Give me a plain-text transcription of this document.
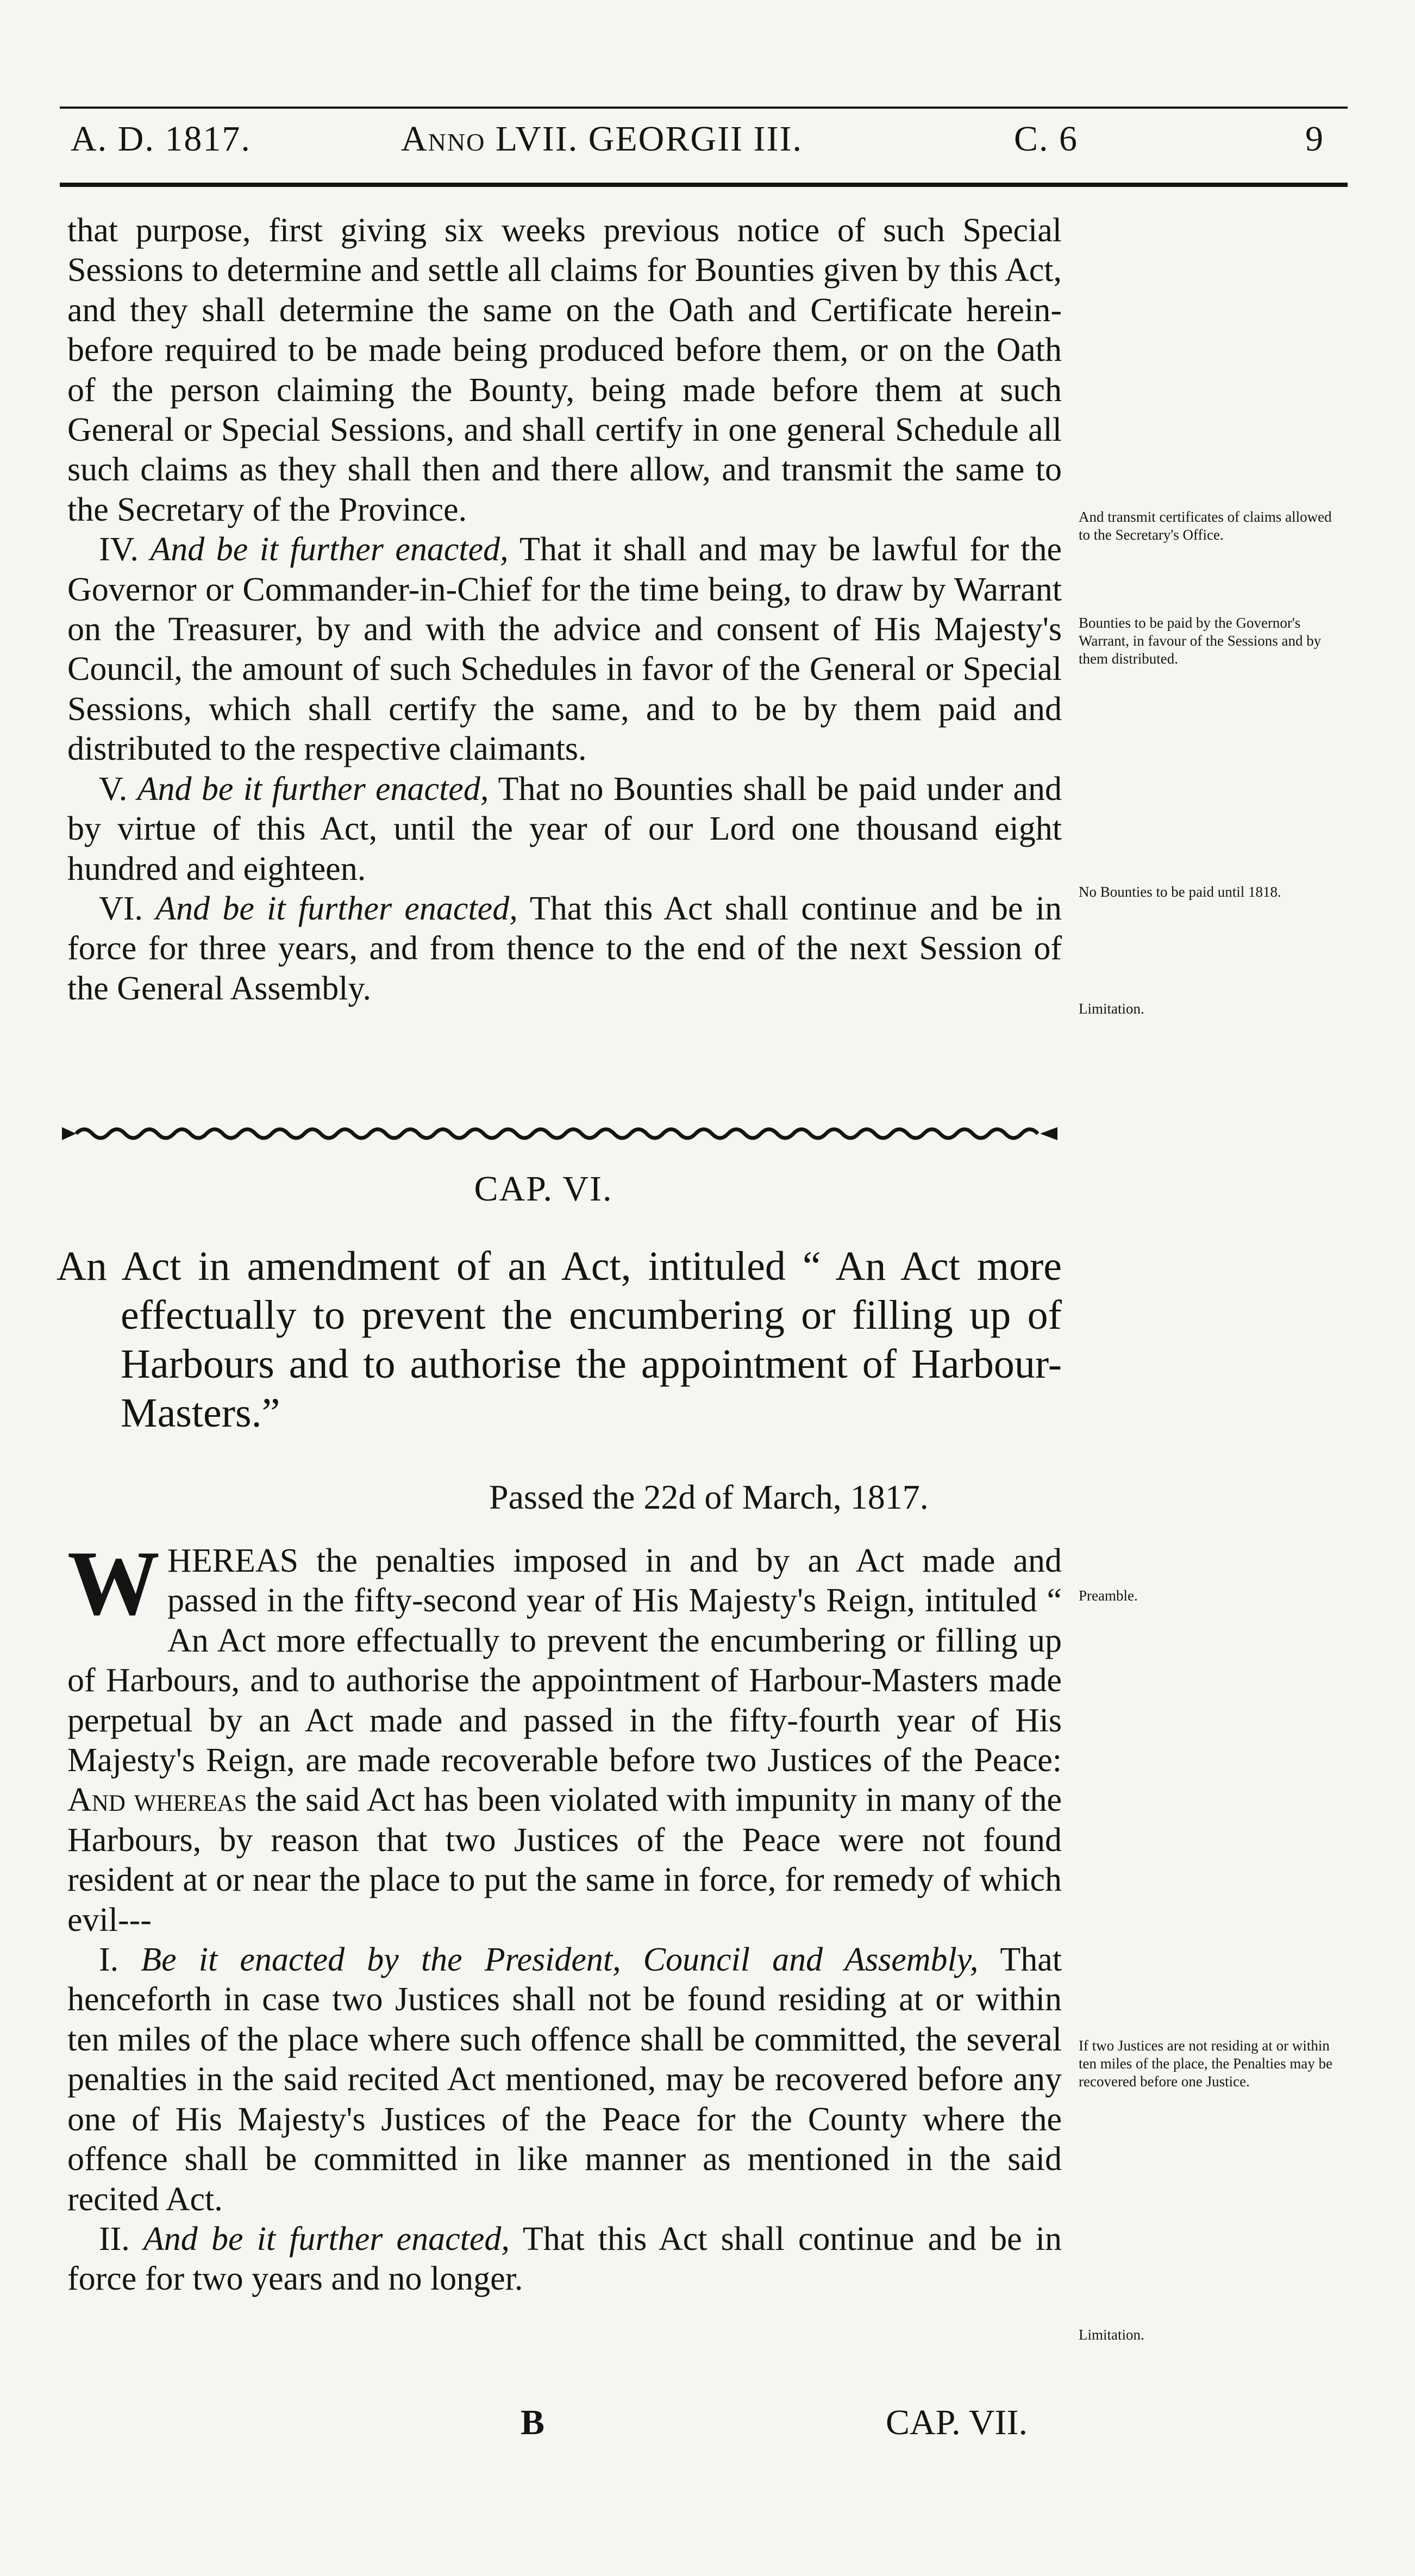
A. D. 1817.	Anno LVII. GEORGII III.	C. 6	9

that purpose, first giving six weeks previous notice of such Special Sessions to determine and settle all claims for Bounties given by this Act, and they shall determine the same on the Oath and Certificate herein-before required to be made being produced before them, or on the Oath of the person claiming the Bounty, being made before them at such General or Special Sessions, and shall certify in one general Schedule all such claims as they shall then and there allow, and transmit the same to the Secretary of the Province.

IV. And be it further enacted, That it shall and may be lawful for the Governor or Commander-in-Chief for the time being, to draw by Warrant on the Treasurer, by and with the advice and consent of His Majesty's Council, the amount of such Schedules in favor of the General or Special Sessions, which shall certify the same, and to be by them paid and distributed to the respective claimants.

V. And be it further enacted, That no Bounties shall be paid under and by virtue of this Act, until the year of our Lord one thousand eight hundred and eighteen.

VI. And be it further enacted, That this Act shall continue and be in force for three years, and from thence to the end of the next Session of the General Assembly.

And transmit certificates of claims allowed to the Secretary's Office.
Bounties to be paid by the Governor's Warrant, in favour of the Sessions and by them distributed.
No Bounties to be paid until 1818.
Limitation.
Preamble.
If two Justices are not residing at or within ten miles of the place, the Penalties may be recovered before one Justice.
Limitation.
CAP. VI.

An Act in amendment of an Act, intituled “ An Act more effectually to prevent the encumbering or filling up of Harbours and to authorise the appointment of Harbour-Masters.”

Passed the 22d of March, 1817.

WHEREAS the penalties imposed in and by an Act made and passed in the fifty-second year of His Majesty's Reign, intituled “ An Act more effectually to prevent the encumbering or filling up of Harbours, and to authorise the appointment of Harbour-Masters made perpetual by an Act made and passed in the fifty-fourth year of His Majesty's Reign, are made recoverable before two Justices of the Peace: And whereas the said Act has been violated with impunity in many of the Harbours, by reason that two Justices of the Peace were not found resident at or near the place to put the same in force, for remedy of which evil---

I. Be it enacted by the President, Council and Assembly, That henceforth in case two Justices shall not be found residing at or within ten miles of the place where such offence shall be committed, the several penalties in the said recited Act mentioned, may be recovered before any one of His Majesty's Justices of the Peace for the County where the offence shall be committed in like manner as mentioned in the said recited Act.

II. And be it further enacted, That this Act shall continue and be in force for two years and no longer.

B	CAP. VII.
